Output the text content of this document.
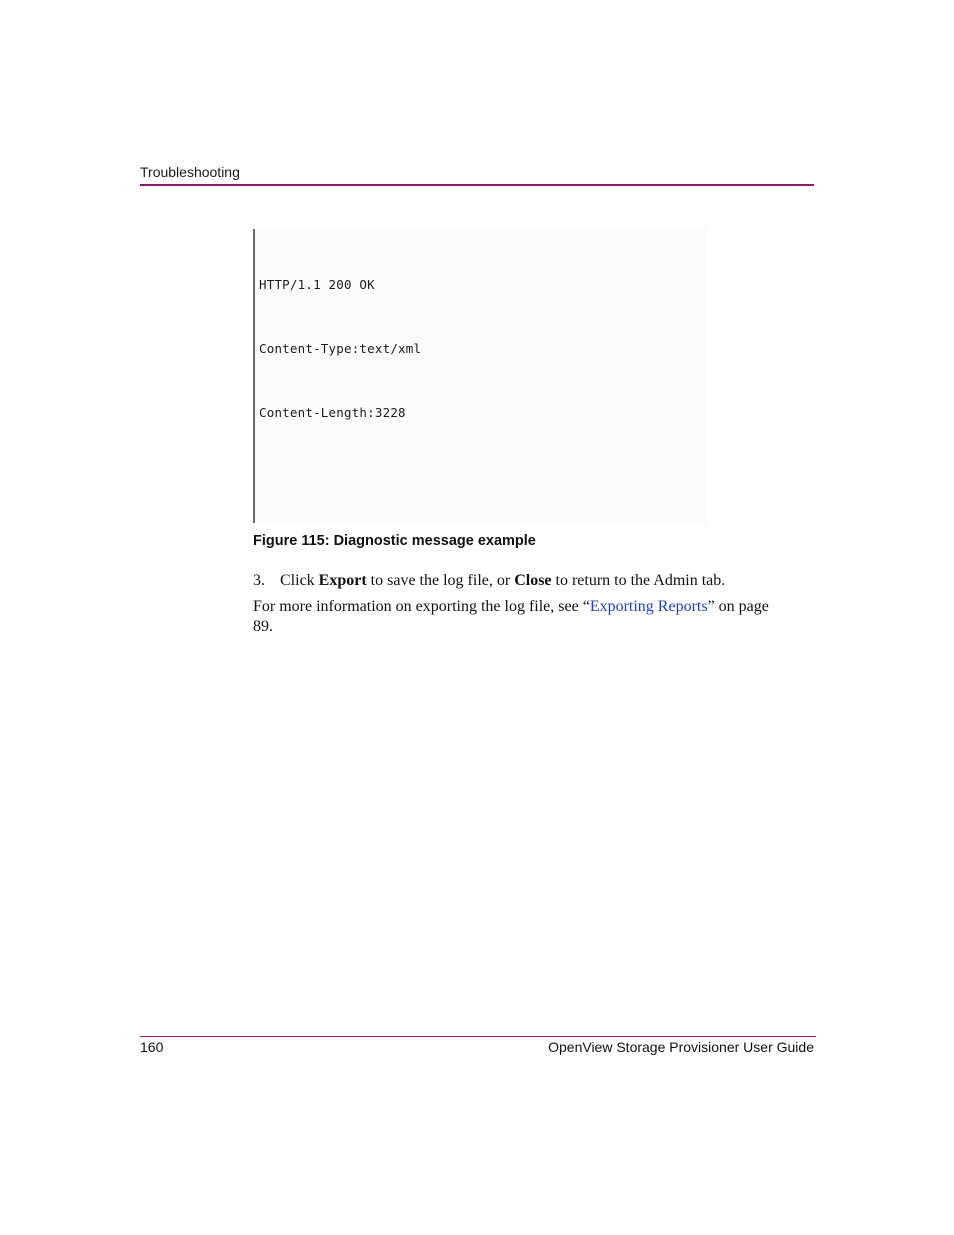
Troubleshooting

HTTP/1.1 200 OK

Content-Type:text/xml

Content-Length:3228

Figure 115: Diagnostic message example
3. Click Export to save the log file, or Close to return to the Admin tab.
For more information on exporting the log file, see “Exporting Reports” on page 89.
160	OpenView Storage Provisioner User Guide
